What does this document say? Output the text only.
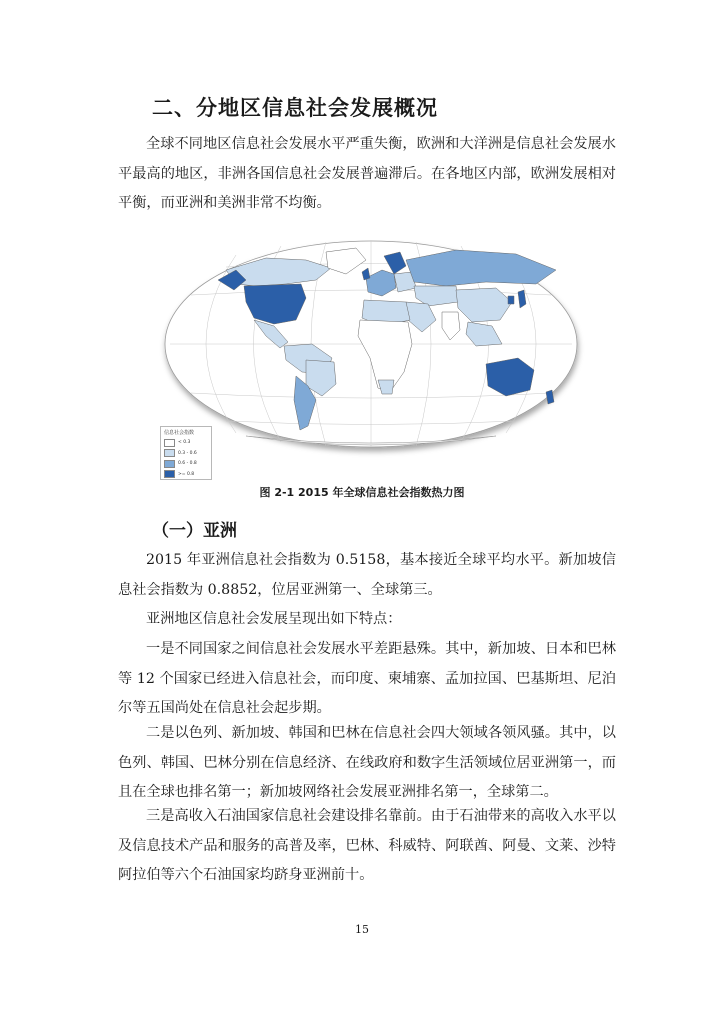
二、分地区信息社会发展概况

全球不同地区信息社会发展水平严重失衡，欧洲和大洋洲是信息社会发展水平最高的地区，非洲各国信息社会发展普遍滞后。在各地区内部，欧洲发展相对平衡，而亚洲和美洲非常不均衡。

信息社会指数
< 0.3
0.3 - 0.6
0.6 - 0.8
>= 0.8

图 2-1 2015 年全球信息社会指数热力图

（一）亚洲

2015 年亚洲信息社会指数为 0.5158，基本接近全球平均水平。新加坡信息社会指数为 0.8852，位居亚洲第一、全球第三。

亚洲地区信息社会发展呈现出如下特点：

一是不同国家之间信息社会发展水平差距悬殊。其中，新加坡、日本和巴林等 12 个国家已经进入信息社会，而印度、柬埔寨、孟加拉国、巴基斯坦、尼泊尔等五国尚处在信息社会起步期。

二是以色列、新加坡、韩国和巴林在信息社会四大领域各领风骚。其中，以色列、韩国、巴林分别在信息经济、在线政府和数字生活领域位居亚洲第一，而且在全球也排名第一；新加坡网络社会发展亚洲排名第一，全球第二。

三是高收入石油国家信息社会建设排名靠前。由于石油带来的高收入水平以及信息技术产品和服务的高普及率，巴林、科威特、阿联酋、阿曼、文莱、沙特阿拉伯等六个石油国家均跻身亚洲前十。

15
